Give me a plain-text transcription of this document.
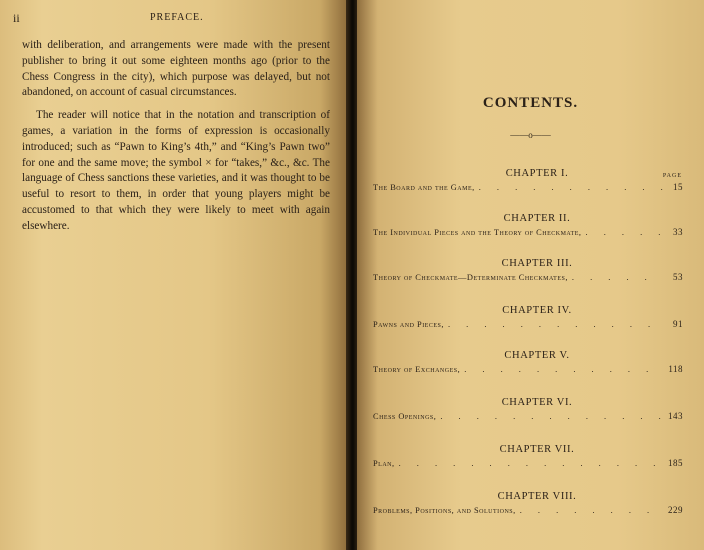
ii	PREFACE.

with deliberation, and arrangements were made with the present publisher to bring it out some eighteen months ago (prior to the Chess Congress in the city), which purpose was delayed, but not abandoned, on account of casual circumstances.

The reader will notice that in the notation and transcription of games, a variation in the forms of expression is occasionally introduced; such as “Pawn to King’s 4th,” and “King’s Pawn two” for one and the same move; the symbol × for “takes,” &c., &c. The language of Chess sanctions these varieties, and it was thought to be useful to resort to them, in order that young players might be accustomed to that which they were likely to meet with again elsewhere.

CONTENTS.
——o——
PAGE
CHAPTER I.
The Board and the Game, . . .	15
CHAPTER II.
The Individual Pieces and the Theory of Checkmate, . . .	33
CHAPTER III.
Theory of Checkmate—Determinate Checkmates, . . .	53
CHAPTER IV.
Pawns and Pieces, . . .	91
CHAPTER V.
Theory of Exchanges, . . .	118
CHAPTER VI.
Chess Openings, . . .	143
CHAPTER VII.
Plan, . . .	185
CHAPTER VIII.
Problems, Positions, and Solutions, . . .	229
